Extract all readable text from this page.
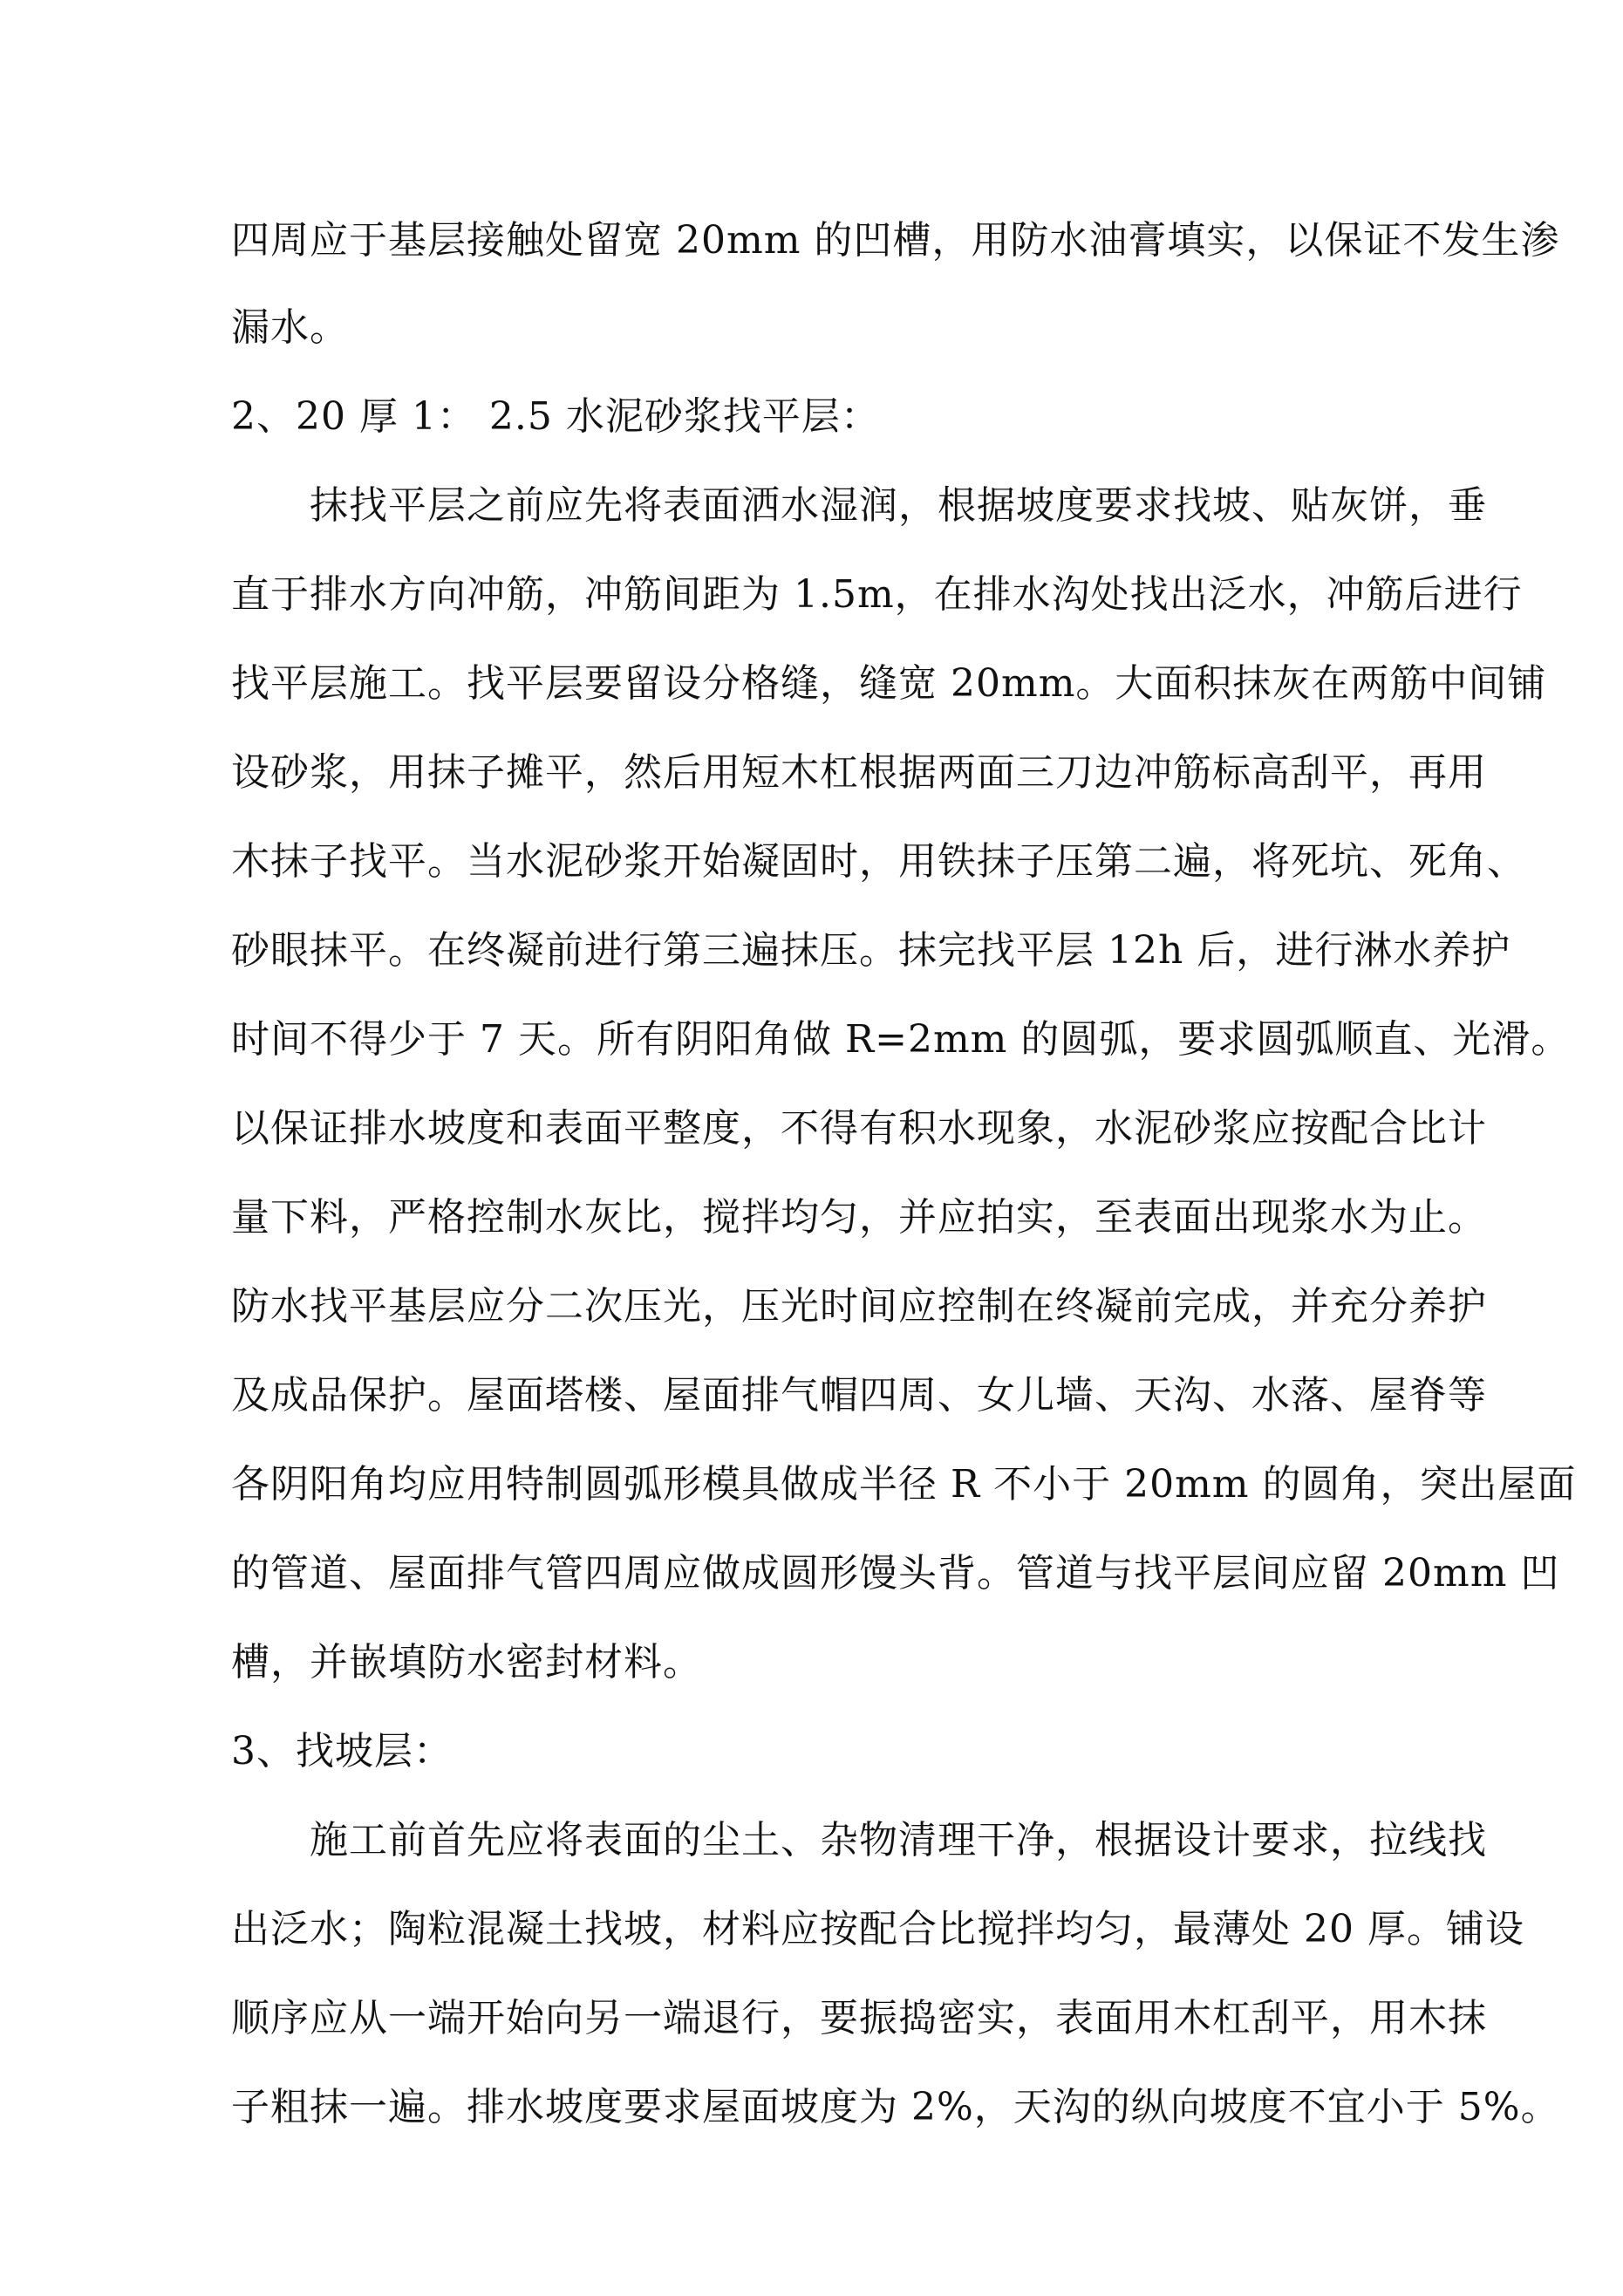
四周应于基层接触处留宽 20mm 的凹槽，用防水油膏填实，以保证不发生渗
漏水。
2、20 厚 1： 2.5 水泥砂浆找平层：
抹找平层之前应先将表面洒水湿润，根据坡度要求找坡、贴灰饼，垂
直于排水方向冲筋，冲筋间距为 1.5m，在排水沟处找出泛水，冲筋后进行
找平层施工。找平层要留设分格缝，缝宽 20mm。大面积抹灰在两筋中间铺
设砂浆，用抹子摊平，然后用短木杠根据两面三刀边冲筋标高刮平，再用
木抹子找平。当水泥砂浆开始凝固时，用铁抹子压第二遍，将死坑、死角、
砂眼抹平。在终凝前进行第三遍抹压。抹完找平层 12h 后，进行淋水养护
时间不得少于 7 天。所有阴阳角做 R=2mm 的圆弧，要求圆弧顺直、光滑。
以保证排水坡度和表面平整度，不得有积水现象，水泥砂浆应按配合比计
量下料，严格控制水灰比，搅拌均匀，并应拍实，至表面出现浆水为止。
防水找平基层应分二次压光，压光时间应控制在终凝前完成，并充分养护
及成品保护。屋面塔楼、屋面排气帽四周、女儿墙、天沟、水落、屋脊等
各阴阳角均应用特制圆弧形模具做成半径 R 不小于 20mm 的圆角，突出屋面
的管道、屋面排气管四周应做成圆形馒头背。管道与找平层间应留 20mm 凹
槽，并嵌填防水密封材料。
3、找坡层：
施工前首先应将表面的尘土、杂物清理干净，根据设计要求，拉线找
出泛水；陶粒混凝土找坡，材料应按配合比搅拌均匀，最薄处 20 厚。铺设
顺序应从一端开始向另一端退行，要振捣密实，表面用木杠刮平，用木抹
子粗抹一遍。排水坡度要求屋面坡度为 2%，天沟的纵向坡度不宜小于 5%。
